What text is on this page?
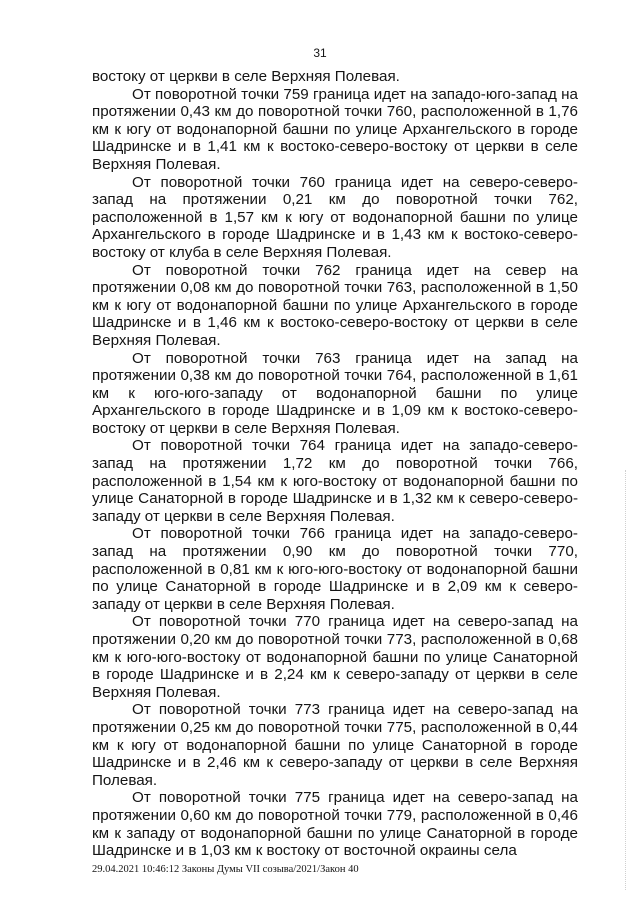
31

востоку от церкви в селе Верхняя Полевая.

От поворотной точки 759 граница идет на западо-юго-запад на протяжении 0,43 км до поворотной точки 760, расположенной в 1,76 км к югу от водонапорной башни по улице Архангельского в городе Шадринске и в 1,41 км к востоко-северо-востоку от церкви в селе Верхняя Полевая.

От поворотной точки 760 граница идет на северо-северо-запад на протяжении 0,21 км до поворотной точки 762, расположенной в 1,57 км к югу от водонапорной башни по улице Архангельского в городе Шадринске и в 1,43 км к востоко-северо-востоку от клуба в селе Верхняя Полевая.

От поворотной точки 762 граница идет на север на протяжении 0,08 км до поворотной точки 763, расположенной в 1,50 км к югу от водонапорной башни по улице Архангельского в городе Шадринске и в 1,46 км к востоко-северо-востоку от церкви в селе Верхняя Полевая.

От поворотной точки 763 граница идет на запад на протяжении 0,38 км до поворотной точки 764, расположенной в 1,61 км к юго-юго-западу от водонапорной башни по улице Архангельского в городе Шадринске и в 1,09 км к востоко-северо-востоку от церкви в селе Верхняя Полевая.

От поворотной точки 764 граница идет на западо-северо-запад на протяжении 1,72 км до поворотной точки 766, расположенной в 1,54 км к юго-востоку от водонапорной башни по улице Санаторной в городе Шадринске и в 1,32 км к северо-северо-западу от церкви в селе Верхняя Полевая.

От поворотной точки 766 граница идет на западо-северо-запад на протяжении 0,90 км до поворотной точки 770, расположенной в 0,81 км к юго-юго-востоку от водонапорной башни по улице Санаторной в городе Шадринске и в 2,09 км к северо-западу от церкви в селе Верхняя Полевая.

От поворотной точки 770 граница идет на северо-запад на протяжении 0,20 км до поворотной точки 773, расположенной в 0,68 км к юго-юго-востоку от водонапорной башни по улице Санаторной в городе Шадринске и в 2,24 км к северо-западу от церкви в селе Верхняя Полевая.

От поворотной точки 773 граница идет на северо-запад на протяжении 0,25 км до поворотной точки 775, расположенной в 0,44 км к югу от водонапорной башни по улице Санаторной в городе Шадринске и в 2,46 км к северо-западу от церкви в селе Верхняя Полевая.

От поворотной точки 775 граница идет на северо-запад на протяжении 0,60 км до поворотной точки 779, расположенной в 0,46 км к западу от водонапорной башни по улице Санаторной в городе Шадринске и в 1,03 км к востоку от восточной окраины села

29.04.2021 10:46:12 Законы Думы VII созыва/2021/Закон 40
